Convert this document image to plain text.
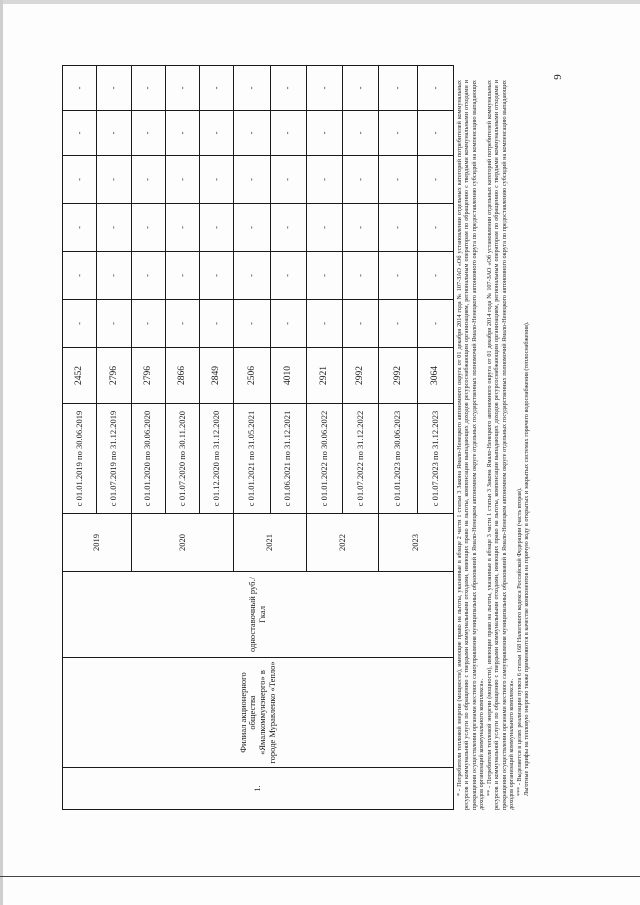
9
1.	Филиал акционерного общества «Ямалкоммунэнерго» в городе Муравленко «Тепло»	одноставочный руб./Гкал	2019	с 01.01.2019 по 30.06.2019	2452	-	-	-	-	-	-
				с 01.07.2019 по 31.12.2019	2796	-	-	-	-	-	-
			2020	с 01.01.2020 по 30.06.2020	2796	-	-	-	-	-	-
				с 01.07.2020 по 30.11.2020	2866	-	-	-	-	-	-
				с 01.12.2020 по 31.12.2020	2849	-	-	-	-	-	-
			2021	с 01.01.2021 по 31.05.2021	2506	-	-	-	-	-	-
				с 01.06.2021 по 31.12.2021	4010	-	-	-	-	-	-
			2022	с 01.01.2022 по 30.06.2022	2921	-	-	-	-	-	-
				с 01.07.2022 по 31.12.2022	2992	-	-	-	-	-	-
			2023	с 01.01.2023 по 30.06.2023	2992	-	-	-	-	-	-
				с 01.07.2023 по 31.12.2023	3064	-	-	-	-	-	-	* - Потребители тепловой энергии (мощности), имеющие право на льготы, указанные в абзаце 2 части 1 статьи 3 Закона Ямало-Ненецкого автономного округа от 01 декабря 2014 года № 107-ЗАО «Об установлении отдельных категорий потребителей коммунальных ресурсов и коммунальной услуги по обращению с твердыми коммунальными отходами, имеющих право на льготы, компенсации выпадающих доходов ресурсоснабжающим организациям, региональным операторам по обращению с твердыми коммунальными отходами и прекращении осуществления органами местного самоуправления муниципальных образований в Ямало-Ненецком автономном округе отдельных государственных полномочий Ямало-Ненецкого автономного округа по предоставлению субсидий на компенсацию выпадающих доходов организаций коммунального комплекса». ** - Потребители тепловой энергии (мощности), имеющие право на льготы, указанные в абзаце 3 части 1 статьи 3 Закона Ямало-Ненецкого автономного округа от 01 декабря 2014 года № 107-ЗАО «Об установлении отдельных категорий потребителей коммунальных ресурсов и коммунальной услуги по обращению с твердыми коммунальными отходами, имеющих право на льготы, компенсации выпадающих доходов ресурсоснабжающим организациям, региональным операторам по обращению с твердыми коммунальными отходами и прекращении осуществления органами местного самоуправления муниципальных образований в Ямало-Ненецком автономном округе отдельных государственных полномочий Ямало-Ненецкого автономного округа по предоставлению субсидий на компенсацию выпадающих доходов организаций коммунального комплекса». *** - Выделяется в целях реализации пункта 6 статьи 168 Налогового кодекса Российской Федерации (часть вторая). Льготные тарифы на тепловую энергию также применяются в качестве компонентов на горячую воду в открытых и закрытых системах горячего водоснабжения (теплоснабжения).
